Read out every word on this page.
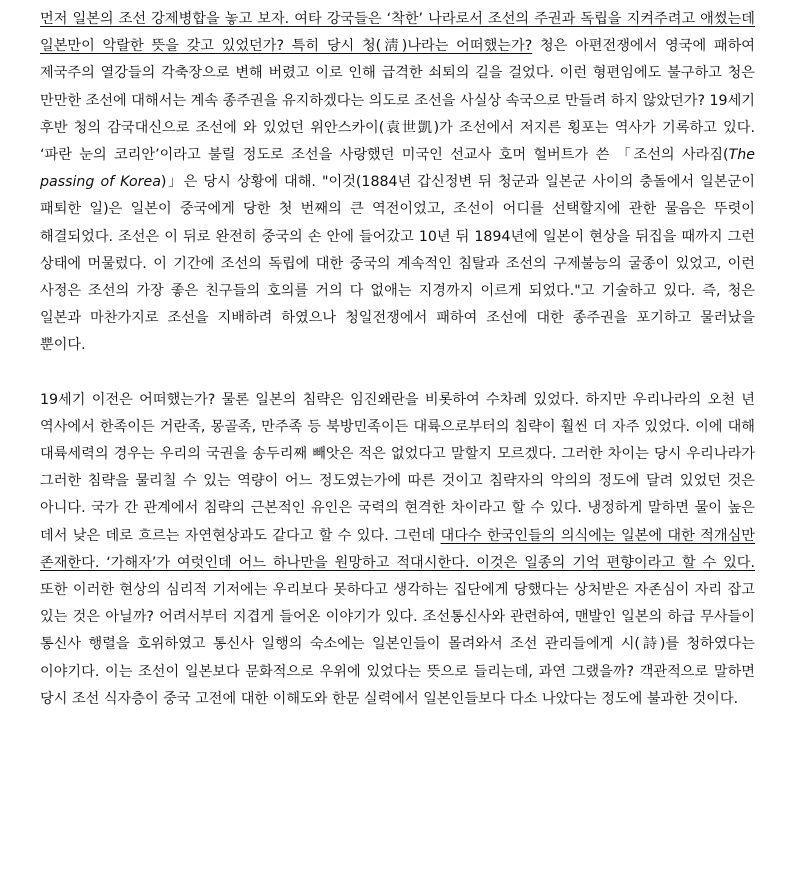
먼저 일본의 조선 강제병합을 놓고 보자. 여타 강국들은 ‘착한’ 나라로서 조선의 주권과 독립을 지켜주려고 애썼는데 일본만이 악랄한 뜻을 갖고 있었던가? 특히 당시 청(淸)나라는 어떠했는가? 청은 아편전쟁에서 영국에 패하여 제국주의 열강들의 각축장으로 변해 버렸고 이로 인해 급격한 쇠퇴의 길을 걸었다. 이런 형편임에도 불구하고 청은 만만한 조선에 대해서는 계속 종주권을 유지하겠다는 의도로 조선을 사실상 속국으로 만들려 하지 않았던가? 19세기 후반 청의 감국대신으로 조선에 와 있었던 위안스카이(袁世凱)가 조선에서 저지른 횡포는 역사가 기록하고 있다. ‘파란 눈의 코리안’이라고 불릴 정도로 조선을 사랑했던 미국인 선교사 호머 헐버트가 쓴 「조선의 사라짐(The passing of Korea)」은 당시 상황에 대해. "이것(1884년 갑신정변 뒤 청군과 일본군 사이의 충돌에서 일본군이 패퇴한 일)은 일본이 중국에게 당한 첫 번째의 큰 역전이었고, 조선이 어디를 선택할지에 관한 물음은 뚜렷이 해결되었다. 조선은 이 뒤로 완전히 중국의 손 안에 들어갔고 10년 뒤 1894년에 일본이 현상을 뒤집을 때까지 그런 상태에 머물렀다. 이 기간에 조선의 독립에 대한 중국의 계속적인 침탈과 조선의 구제불능의 굴종이 있었고, 이런 사정은 조선의 가장 좋은 친구들의 호의를 거의 다 없애는 지경까지 이르게 되었다."고 기술하고 있다. 즉, 청은 일본과 마찬가지로 조선을 지배하려 하였으나 청일전쟁에서 패하여 조선에 대한 종주권을 포기하고 물러났을 뿐이다.

19세기 이전은 어떠했는가? 물론 일본의 침략은 임진왜란을 비롯하여 수차례 있었다. 하지만 우리나라의 오천 년 역사에서 한족이든 거란족, 몽골족, 만주족 등 북방민족이든 대륙으로부터의 침략이 훨씬 더 자주 있었다. 이에 대해 대륙세력의 경우는 우리의 국권을 송두리째 빼앗은 적은 없었다고 말할지 모르겠다. 그러한 차이는 당시 우리나라가 그러한 침략을 물리칠 수 있는 역량이 어느 정도였는가에 따른 것이고 침략자의 악의의 정도에 달려 있었던 것은 아니다. 국가 간 관계에서 침략의 근본적인 유인은 국력의 현격한 차이라고 할 수 있다. 냉정하게 말하면 물이 높은 데서 낮은 데로 흐르는 자연현상과도 같다고 할 수 있다. 그런데 대다수 한국인들의 의식에는 일본에 대한 적개심만 존재한다. ‘가해자’가 여럿인데 어느 하나만을 원망하고 적대시한다. 이것은 일종의 기억 편향이라고 할 수 있다. 또한 이러한 현상의 심리적 기저에는 우리보다 못하다고 생각하는 집단에게 당했다는 상처받은 자존심이 자리 잡고 있는 것은 아닐까? 어려서부터 지겹게 들어온 이야기가 있다. 조선통신사와 관련하여, 맨발인 일본의 하급 무사들이 통신사 행렬을 호위하였고 통신사 일행의 숙소에는 일본인들이 몰려와서 조선 관리들에게 시(詩)를 청하였다는 이야기다. 이는 조선이 일본보다 문화적으로 우위에 있었다는 뜻으로 들리는데, 과연 그랬을까? 객관적으로 말하면 당시 조선 식자층이 중국 고전에 대한 이해도와 한문 실력에서 일본인들보다 다소 나았다는 정도에 불과한 것이다.
